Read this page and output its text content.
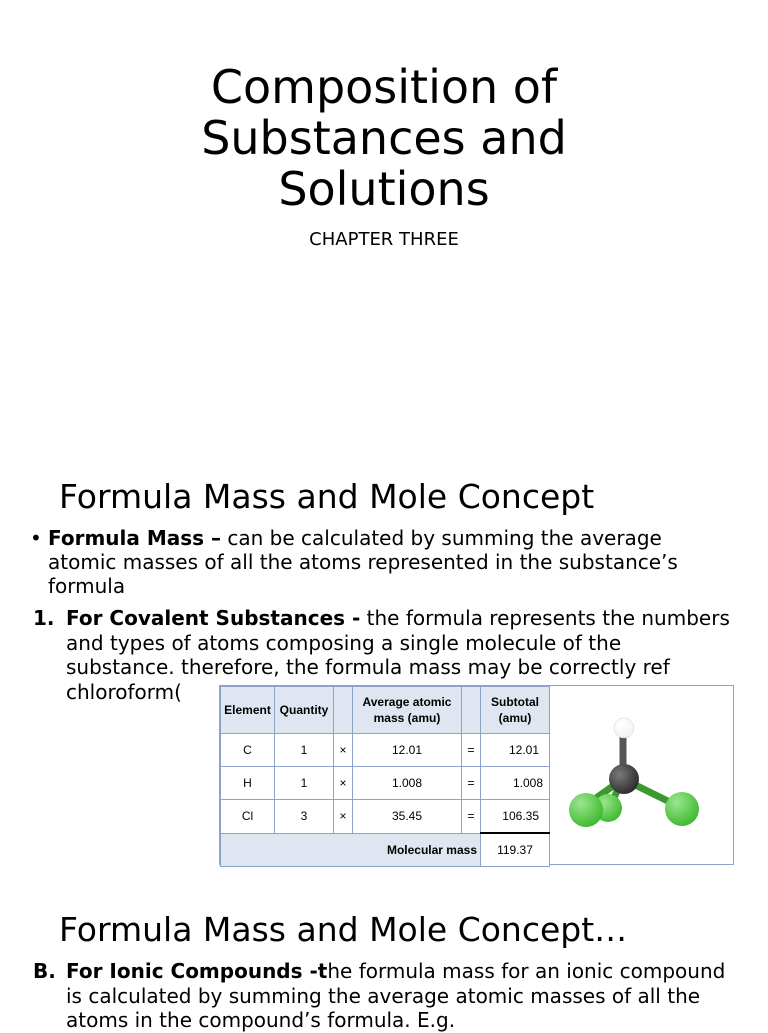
Composition of
Substances and
Solutions
CHAPTER THREE
Formula Mass and Mole Concept
• Formula Mass – can be calculated by summing the average atomic masses of all the atoms represented in the substance’s formula
1. For Covalent Substances - the formula represents the numbers and types of atoms composing a single molecule of the substance. therefore, the formula mass may be correctly ref
chloroform(
Element	Quantity		Average atomic mass (amu)		Subtotal (amu)
C	1	×	12.01	=	12.01
H	1	×	1.008	=	1.008
Cl	3	×	35.45	=	106.35
Molecular mass					119.37
Formula Mass and Mole Concept…
B. For Ionic Compounds -the formula mass for an ionic compound is calculated by summing the average atomic masses of all the atoms in the compound’s formula. E.g.
